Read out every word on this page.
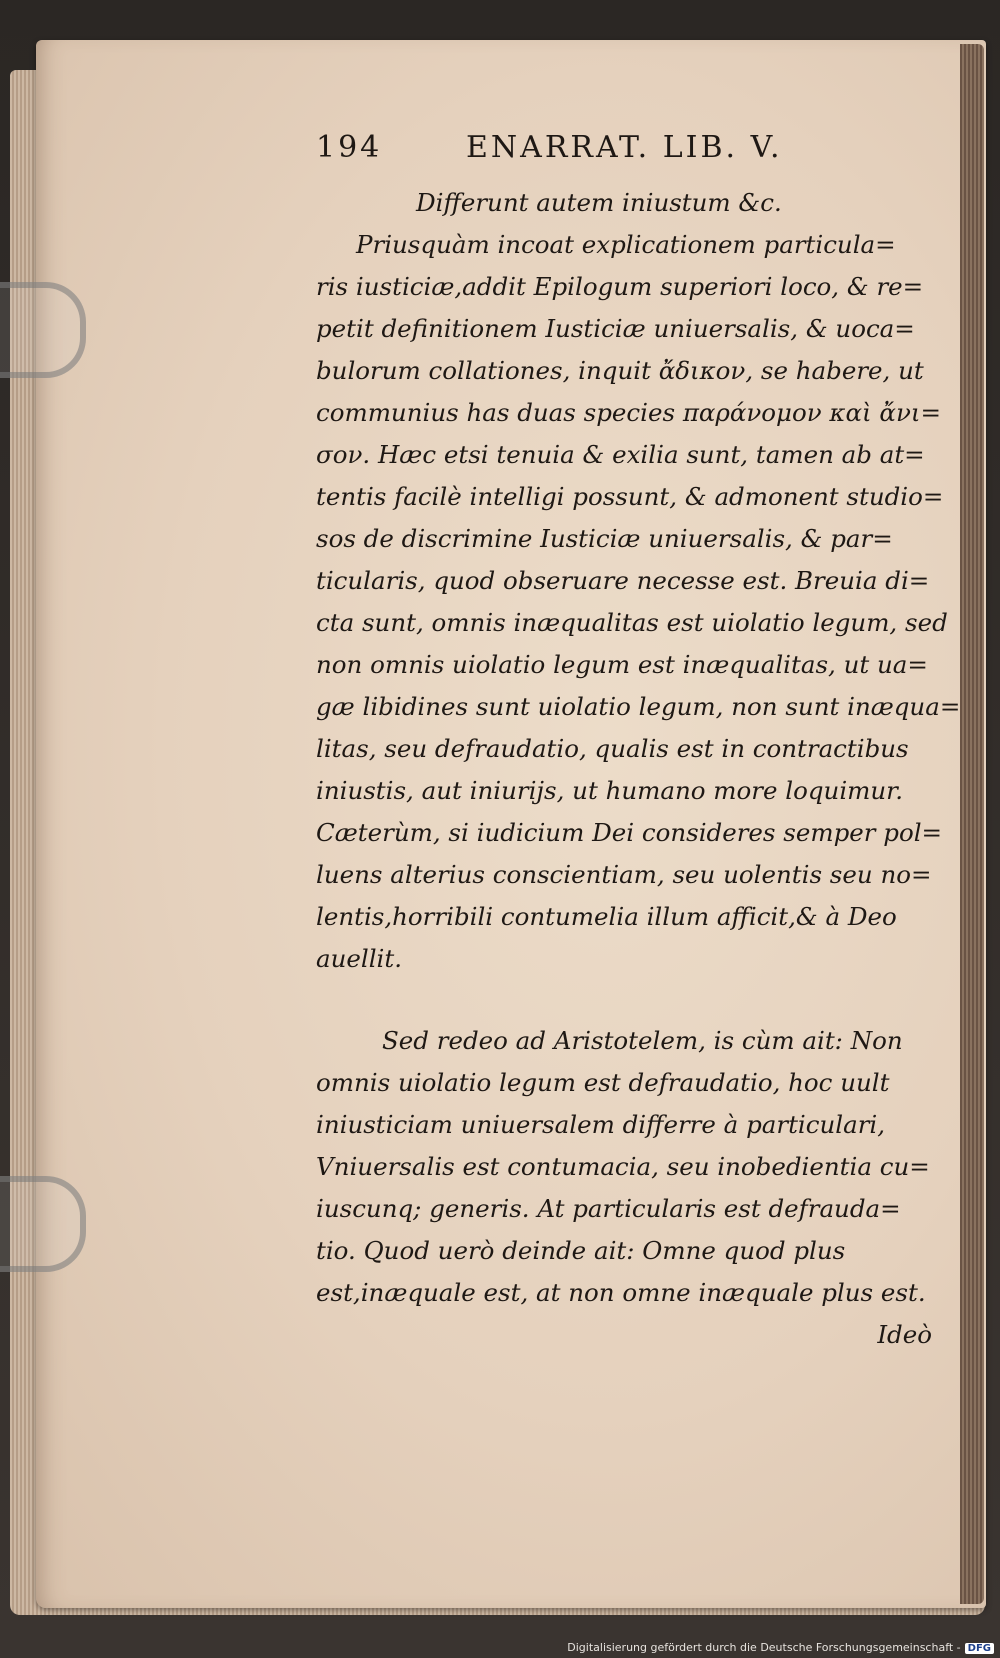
194	ENARRAT. LIB. V.
Differunt autem iniustum &c.
Priusquàm incoat explicationem particula=
ris iusticiæ,addit Epilogum superiori loco, & re=
petit definitionem Iusticiæ uniuersalis, & uoca=
bulorum collationes, inquit ἄδικον, se habere, ut
communius has duas species παράνομον καὶ ἄνι=
σον. Hæc etsi tenuia & exilia sunt, tamen ab at=
tentis facilè intelligi possunt, & admonent studio=
sos de discrimine Iusticiæ uniuersalis, & par=
ticularis, quod obseruare necesse est. Breuia di=
cta sunt, omnis inæqualitas est uiolatio legum, sed
non omnis uiolatio legum est inæqualitas, ut ua=
gæ libidines sunt uiolatio legum, non sunt inæqua=
litas, seu defraudatio, qualis est in contractibus
iniustis, aut iniurijs, ut humano more loquimur.
Cæterùm, si iudicium Dei consideres semper pol=
luens alterius conscientiam, seu uolentis seu no=
lentis,horribili contumelia illum afficit,& à Deo
auellit.
Sed redeo ad Aristotelem, is cùm ait: Non
omnis uiolatio legum est defraudatio, hoc uult
iniusticiam uniuersalem differre à particulari,
Vniuersalis est contumacia, seu inobedientia cu=
iuscunq; generis. At particularis est defrauda=
tio. Quod uerò deinde ait: Omne quod plus
est,inæquale est, at non omne inæquale plus est.
Ideò
Digitalisierung gefördert durch die Deutsche Forschungsgemeinschaft - DFG
